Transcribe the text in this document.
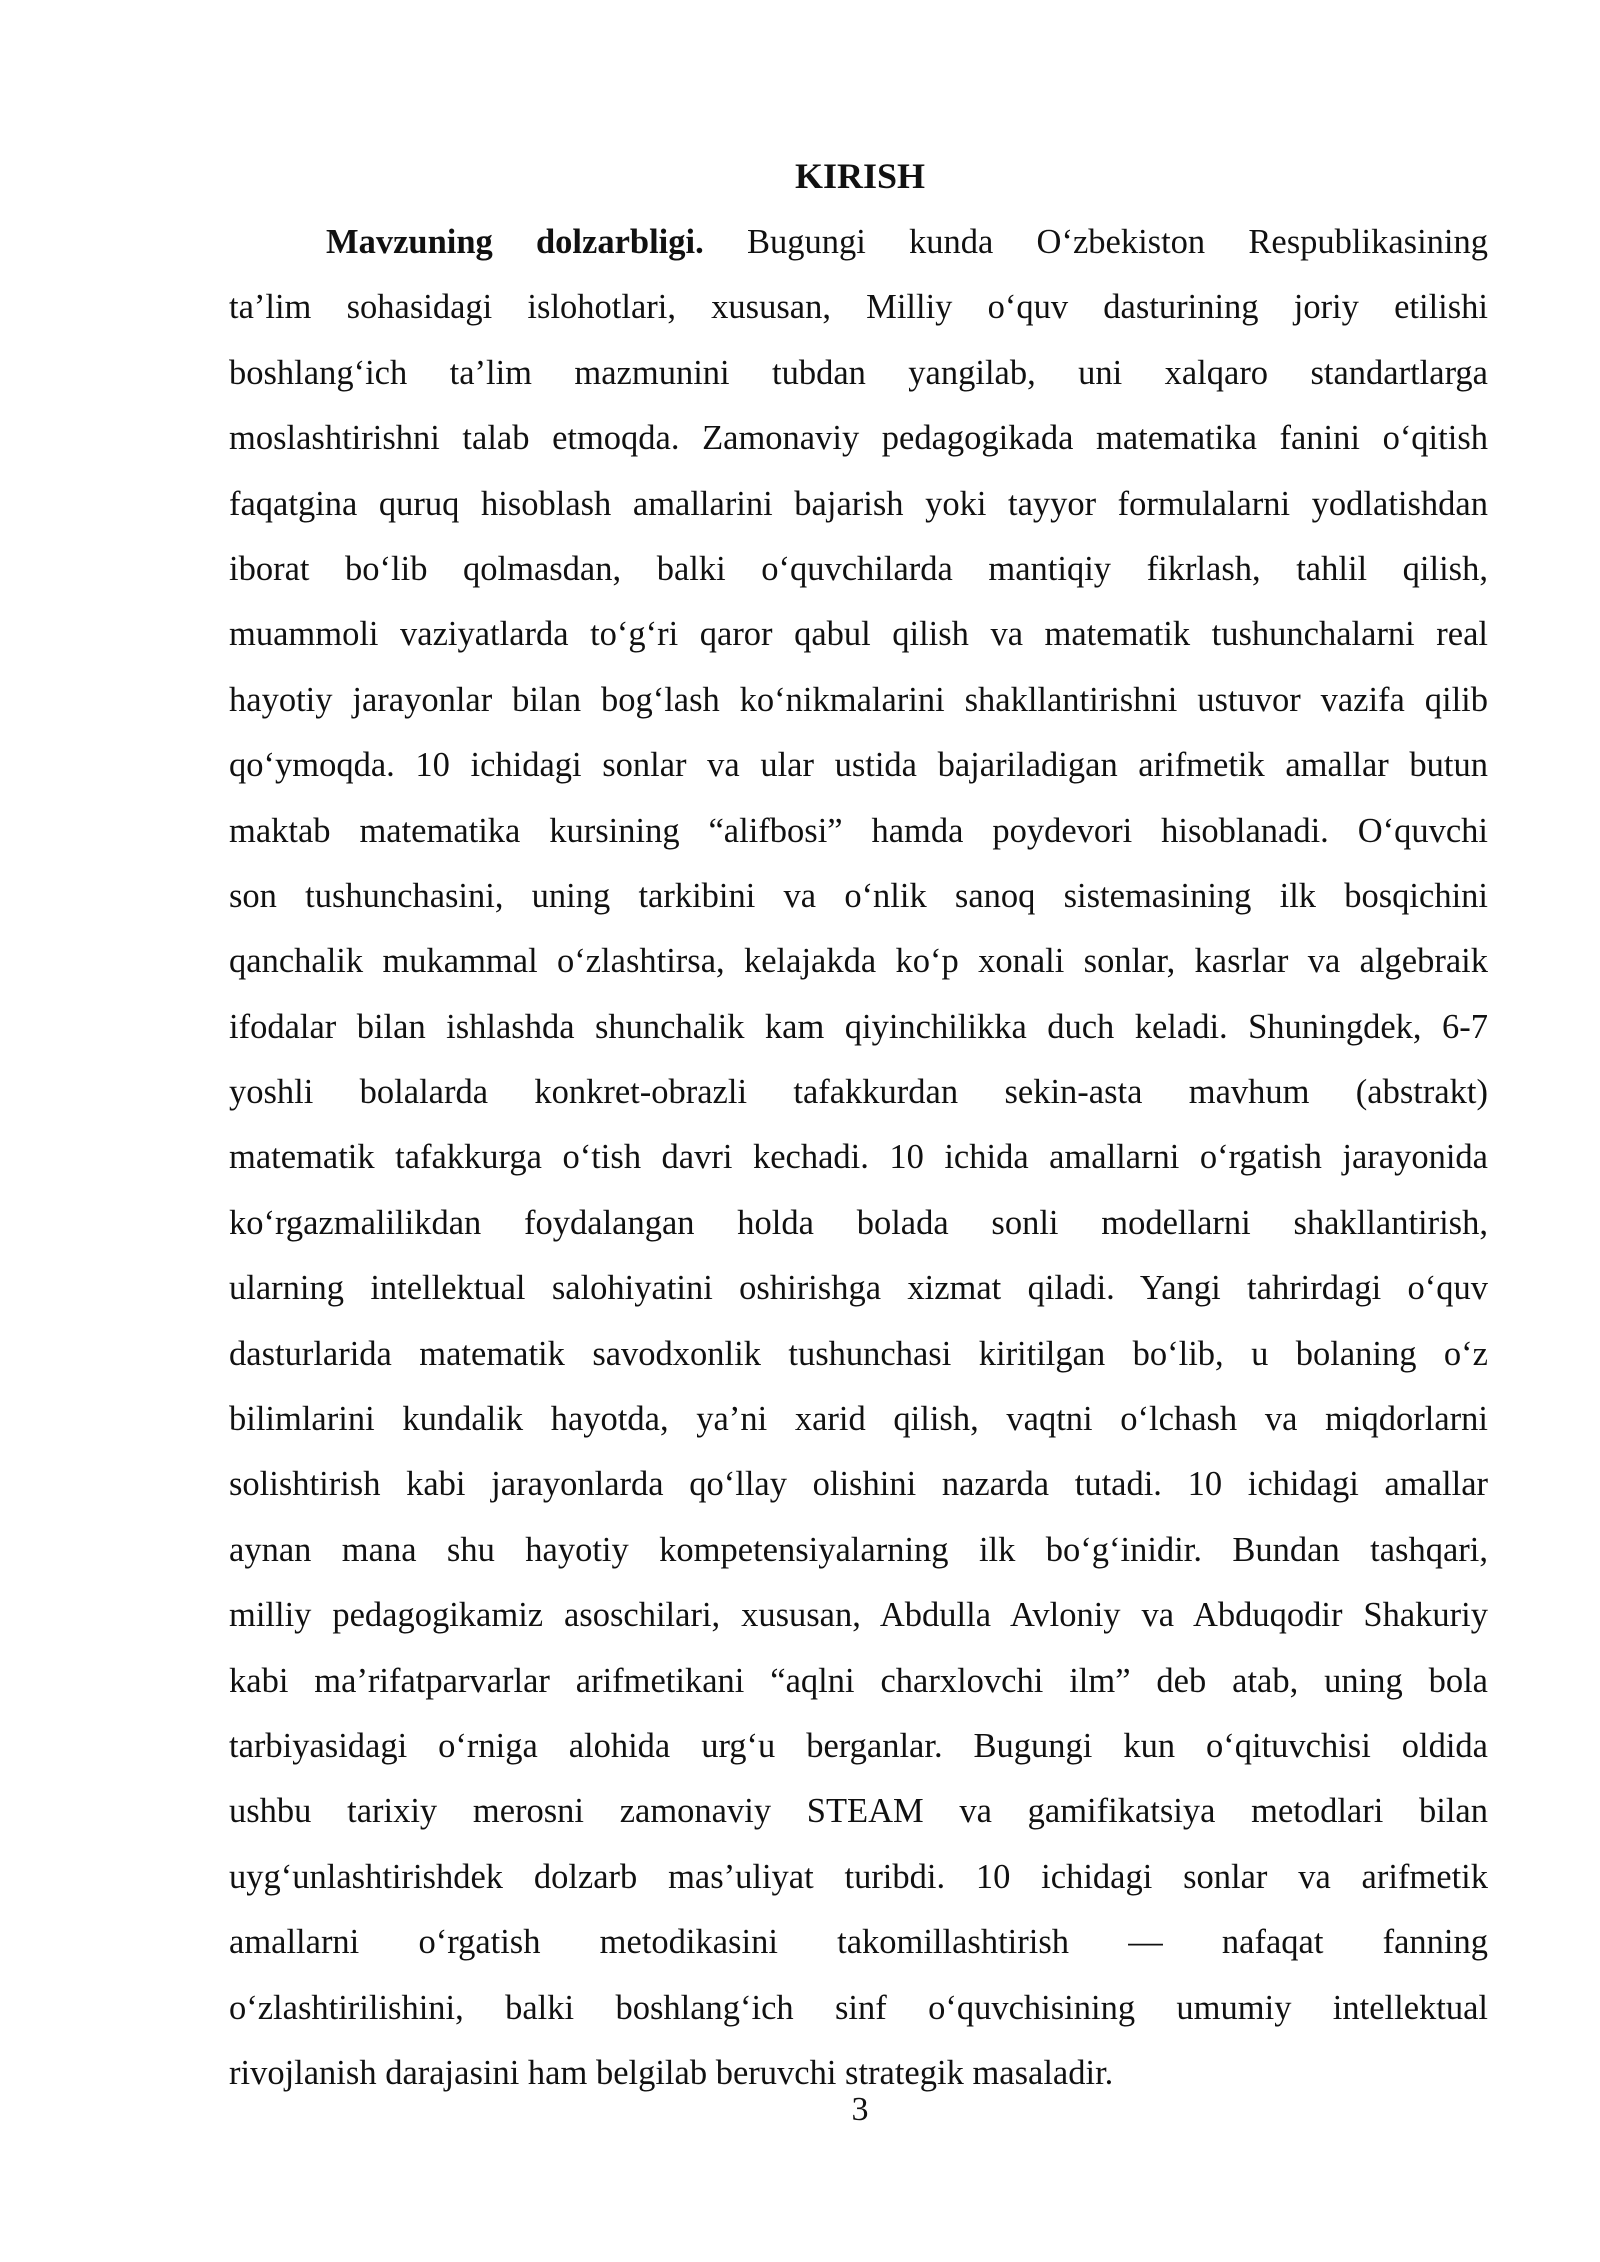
KIRISH
Mavzuning dolzarbligi. Bugungi kunda O‘zbekiston Respublikasining
ta’lim sohasidagi islohotlari, xususan, Milliy o‘quv dasturining joriy etilishi
boshlang‘ich ta’lim mazmunini tubdan yangilab, uni xalqaro standartlarga
moslashtirishni talab etmoqda. Zamonaviy pedagogikada matematika fanini o‘qitish
faqatgina quruq hisoblash amallarini bajarish yoki tayyor formulalarni yodlatishdan
iborat bo‘lib qolmasdan, balki o‘quvchilarda mantiqiy fikrlash, tahlil qilish,
muammoli vaziyatlarda to‘g‘ri qaror qabul qilish va matematik tushunchalarni real
hayotiy jarayonlar bilan bog‘lash ko‘nikmalarini shakllantirishni ustuvor vazifa qilib
qo‘ymoqda. 10 ichidagi sonlar va ular ustida bajariladigan arifmetik amallar butun
maktab matematika kursining “alifbosi” hamda poydevori hisoblanadi. O‘quvchi
son tushunchasini, uning tarkibini va o‘nlik sanoq sistemasining ilk bosqichini
qanchalik mukammal o‘zlashtirsa, kelajakda ko‘p xonali sonlar, kasrlar va algebraik
ifodalar bilan ishlashda shunchalik kam qiyinchilikka duch keladi. Shuningdek, 6-7
yoshli bolalarda konkret-obrazli tafakkurdan sekin-asta mavhum (abstrakt)
matematik tafakkurga o‘tish davri kechadi. 10 ichida amallarni o‘rgatish jarayonida
ko‘rgazmalilikdan foydalangan holda bolada sonli modellarni shakllantirish,
ularning intellektual salohiyatini oshirishga xizmat qiladi. Yangi tahrirdagi o‘quv
dasturlarida matematik savodxonlik tushunchasi kiritilgan bo‘lib, u bolaning o‘z
bilimlarini kundalik hayotda, ya’ni xarid qilish, vaqtni o‘lchash va miqdorlarni
solishtirish kabi jarayonlarda qo‘llay olishini nazarda tutadi. 10 ichidagi amallar
aynan mana shu hayotiy kompetensiyalarning ilk bo‘g‘inidir. Bundan tashqari,
milliy pedagogikamiz asoschilari, xususan, Abdulla Avloniy va Abduqodir Shakuriy
kabi ma’rifatparvarlar arifmetikani “aqlni charxlovchi ilm” deb atab, uning bola
tarbiyasidagi o‘rniga alohida urg‘u berganlar. Bugungi kun o‘qituvchisi oldida
ushbu tarixiy merosni zamonaviy STEAM va gamifikatsiya metodlari bilan
uyg‘unlashtirishdek dolzarb mas’uliyat turibdi. 10 ichidagi sonlar va arifmetik
amallarni o‘rgatish metodikasini takomillashtirish — nafaqat fanning
o‘zlashtirilishini, balki boshlang‘ich sinf o‘quvchisining umumiy intellektual
rivojlanish darajasini ham belgilab beruvchi strategik masaladir.
3
